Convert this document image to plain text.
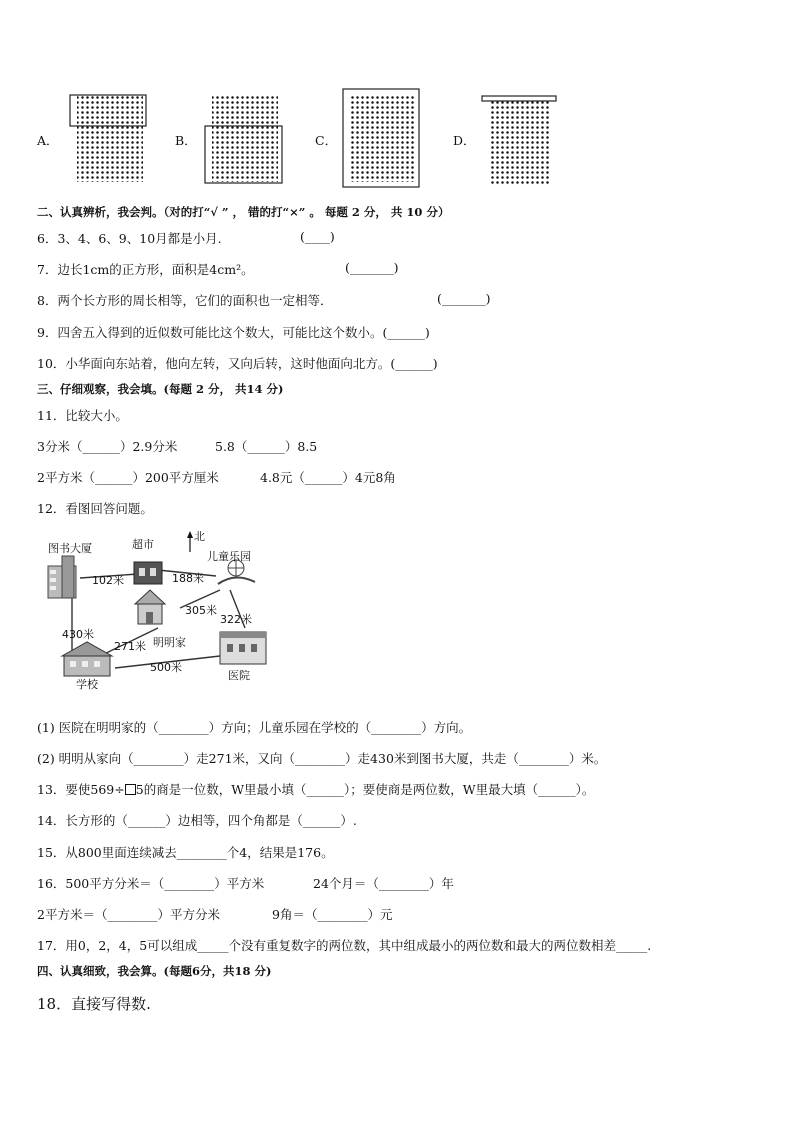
A．	B．	C．	D．
二、认真辨析，我会判。（对的打“√ ” ， 错的打“×” 。 每题 2 分， 共 10 分）
6．3、4、6、9、10月都是小月.	(____)
7．边长1cm的正方形，面积是4cm²。	(_______)
8．两个长方形的周长相等，它们的面积也一定相等．	(_______)
9．四舍五入得到的近似数可能比这个数大，可能比这个数小。(______)
10．小华面向东站着，他向左转，又向后转，这时他面向北方。(______)
三、仔细观察，我会填。(每题 2 分， 共14 分)
11．比较大小。
3分米（______）2.9分米	5.8（______）8.5
2平方米（______）200平方厘米	4.8元（______）4元8角
12．看图回答问题。
图书大厦	超市
北
儿童乐园
明明家
学校
医院
102米	188米
305米
322米
430米
271米
500米
(1) 医院在明明家的（________）方向；儿童乐园在学校的（________）方向。
(2) 明明从家向（________）走271米，又向（________）走430米到图书大厦，共走（________）米。
13．要使569÷ 5的商是一位数，W里最小填（______）；要使商是两位数，W里最大填（______）。
14．长方形的（______）边相等，四个角都是（______）.
15．从800里面连续减去________个4，结果是176。
16．500平方分米＝（________）平方米	24个月＝（________）年
2平方米＝（________）平方分米	9角＝（________）元
17．用0，2，4，5可以组成_____个没有重复数字的两位数，其中组成最小的两位数和最大的两位数相差_____.
四、认真细致，我会算。(每题6分，共18 分)
18．直接写得数.
